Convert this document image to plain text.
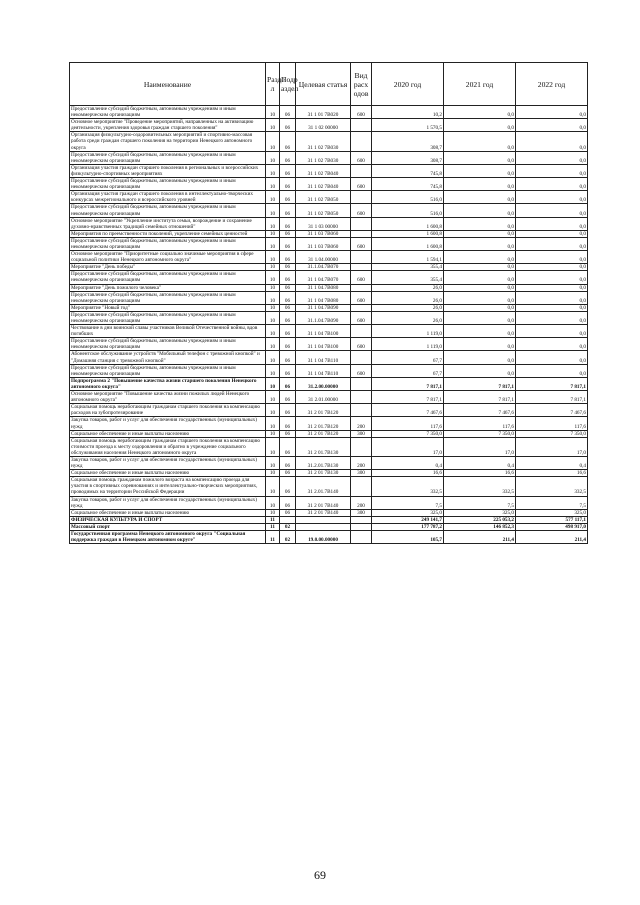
Наименование	Разде л	Подр аздел	Целевая статья	Вид расх одов	2020 год	2021 год	2022 год
Предоставление субсидий бюджетным, автономным учреждениям и иным некоммерческим организациям	10	06	31 1 01 7В020	600	10,2	0,0	0,0
Основное мероприятие "Проведение мероприятий, направленных на активизацию деятельности, укрепления здоровья граждан старшего поколения"	10	06	31 1 02 00000		1 570,5	0,0	0,0
Организация физкультурно-оздоровительных мероприятий и спортивно-массовая работа среди граждан старшего поколения на территории Ненецкого автономного округа	10	06	31 1 02 7В030		308,7	0,0	0,0
Предоставление субсидий бюджетным, автономным учреждениям и иным некоммерческим организациям	10	06	31 1 02 7В030	600	308,7	0,0	0,0
Организация участия граждан старшего поколения в региональных и всероссийских физкультурно-спортивных мероприятиях	10	06	31 1 02 7В040		745,8	0,0	0,0
Предоставление субсидий бюджетным, автономным учреждениям и иным некоммерческим организациям	10	06	31 1 02 7В040	600	745,8	0,0	0,0
Организация участия граждан старшего поколения в интеллектуально-творческих конкурсах межрегионального и всероссийского уровней	10	06	31 1 02 7В050		516,0	0,0	0,0
Предоставление субсидий бюджетным, автономным учреждениям и иным некоммерческим организациям	10	06	31 1 02 7В050	600	516,0	0,0	0,0
Основное мероприятие "Укрепление института семьи, возрождение и сохранение духовно-нравственных традиций семейных отношений"	10	06	31 1 03 00000		1 600,8	0,0	0,0
Мероприятия по преемственности поколений, укрепление семейных ценностей	10	06	31 1 03 7В060		1 600,8	0,0	0,0
Предоставление субсидий бюджетным, автономным учреждениям и иным некоммерческим организациям	10	06	31 1 03 7В060	600	1 600,8	0,0	0,0
Основное мероприятие "Приоритетные социально значимые мероприятия в сфере социальной политики Ненецкого автономного округа"	10	06	31 1.04.00000		1 594,1	0,0	0,0
Мероприятие "День победы"	10	06	31.1.04.7В070		355,4	0,0	0,0
Предоставление субсидий бюджетным, автономным учреждениям и иным некоммерческим организациям	10	06	31 1 04.7В070	600	355,4	0,0	0,0
Мероприятие "День пожилого человека"	10	06	31 1 04.7В080		26,0	0,0	0,0
Предоставление субсидий бюджетным, автономным учреждениям и иным некоммерческим организациям	10	06	31 1 04 7В080	600	26,0	0,0	0,0
Мероприятие "Новый год"	10	06	31 1 04.7В090		26,0	0,0	0,0
Предоставление субсидий бюджетным, автономным учреждениям и иным некоммерческим организациям	10	06	31.1.04.7В090	600	26,0	0,0	0,0
Чествование в дни воинской славы участников Великой Отечественной войны, вдов погибших	10	06	31 1 04 7В100		1 119,0	0,0	0,0
Предоставление субсидий бюджетным, автономным учреждениям и иным некоммерческим организациям	10	06	31 1 04 7В100	600	1 119,0	0,0	0,0
Абонентское обслуживание устройств "Мобильный телефон с тревожной кнопкой" и "Домашняя станция с тревожной кнопкой"	10	06	31 1 04 7В110		67,7	0,0	0,0
Предоставление субсидий бюджетным, автономным учреждениям и иным некоммерческим организациям	10	06	31 1 04 7В110	600	67,7	0,0	0,0
Подпрограмма 2 "Повышение качества жизни старшего поколения Ненецкого автономного округа"	10	06	31.2.00.00000		7 817,1	7 817,1	7 817,1
Основное мероприятие "Повышение качества жизни пожилых людей Ненецкого автономного округа"	10	06	31 2.01.00000		7 817,1	7 817,1	7 817,1
Социальная помощь неработающим гражданам старшего поколения на компенсацию расходов на зубопротезирование	10	06	31 2 01 7В120		7 467,6	7 467,6	7 467,6
Закупка товаров, работ и услуг для обеспечения государственных (муниципальных) нужд	10	06	31 2 01.7В120	200	117,6	117,6	117,6
Социальное обеспечение и иные выплаты населению	10	06	31 2 01 7В120	300	7 350,0	7 350,0	7 350,0
Социальная помощь неработающим гражданам старшего поколения на компенсацию стоимости проезда к месту оздоровления и обратно в учреждение социального обслуживания населения Ненецкого автономного округа	10	06	31 2 01.7В130		17,0	17,0	17,0
Закупка товаров, работ и услуг для обеспечения государственных (муниципальных) нужд	10	06	31.2.01.7В130	200	0,4	0,4	0,4
Социальное обеспечение и иные выплаты населению	10	06	31 2 01 7В130	300	16,6	16,6	16,6
Социальная помощь гражданам пожилого возраста на компенсацию проезда для участия в спортивных соревнованиях и интеллектуально-творческих мероприятиях, проводимых на территории Российской Федерации	10	06	31 2.01.7В140		332,5	332,5	332,5
Закупка товаров, работ и услуг для обеспечения государственных (муниципальных) нужд	10	06	31 2 01 7В140	200	7,5	7,5	7,5
Социальное обеспечение и иные выплаты населению	10	06	31 2 01 7В140	300	325,0	325,0	325,0
ФИЗИЧЕСКАЯ КУЛЬТУРА И СПОРТ	11				249 141,7	225 053,2	577 117,1
Массовый спорт	11	02			177 787,2	146 852,3	498 917,0
Государственная программа Ненецкого автономного округа "Социальная поддержка граждан в Ненецком автономном округе"	11	02	19.0.00.00000		105,7	211,4	211,4
69
